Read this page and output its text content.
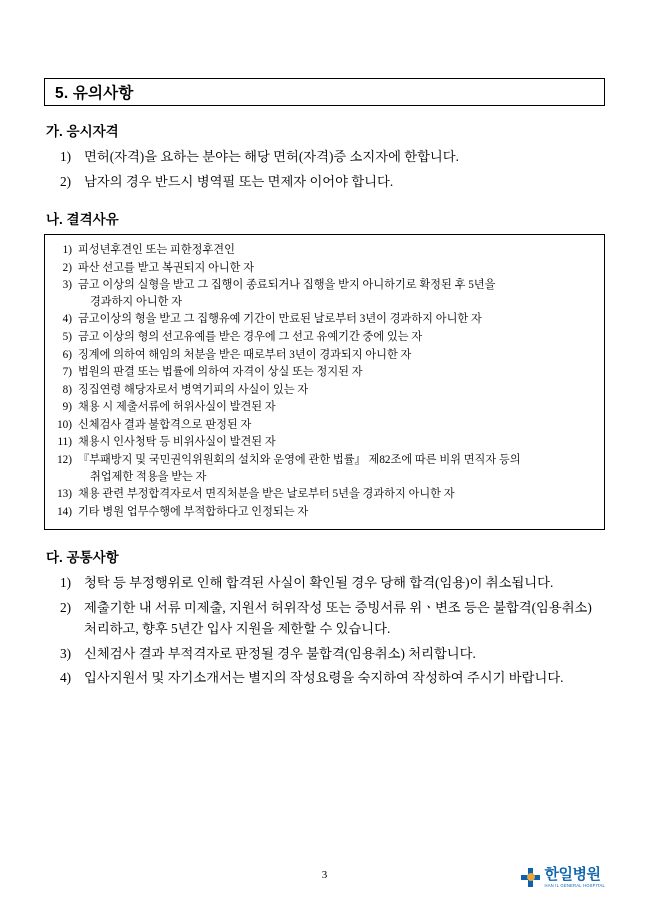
5. 유의사항
가. 응시자격
1) 면허(자격)을 요하는 분야는 해당 면허(자격)증 소지자에 한합니다.
2) 남자의 경우 반드시 병역필 또는 면제자 이어야 합니다.
나. 결격사유
1) 피성년후견인 또는 피한정후견인
2) 파산 선고를 받고 복권되지 아니한 자
3) 금고 이상의 실형을 받고 그 집행이 종료되거나 집행을 받지 아니하기로 확정된 후 5년을
경과하지 아니한 자
4) 금고이상의 형을 받고 그 집행유예 기간이 만료된 날로부터 3년이 경과하지 아니한 자
5) 금고 이상의 형의 선고유예를 받은 경우에 그 선고 유예기간 중에 있는 자
6) 징계에 의하여 해임의 처분을 받은 때로부터 3년이 경과되지 아니한 자
7) 법원의 판결 또는 법률에 의하여 자격이 상실 또는 정지된 자
8) 징집연령 해당자로서 병역기피의 사실이 있는 자
9) 채용 시 제출서류에 허위사실이 발견된 자
10) 신체검사 결과 불합격으로 판정된 자
11) 채용시 인사청탁 등 비위사실이 발견된 자
12) 『부패방지 및 국민권익위원회의 설치와 운영에 관한 법률』 제82조에 따른 비위 면직자 등의
취업제한 적용을 받는 자
13) 채용 관련 부정합격자로서 면직처분을 받은 날로부터 5년을 경과하지 아니한 자
14) 기타 병원 업무수행에 부적합하다고 인정되는 자
다. 공통사항
1) 청탁 등 부정행위로 인해 합격된 사실이 확인될 경우 당해 합격(임용)이 취소됩니다.
2) 제출기한 내 서류 미제출, 지원서 허위작성 또는 증빙서류 위ㆍ변조 등은 불합격(임용취소) 처리하고, 향후 5년간 입사 지원을 제한할 수 있습니다.
3) 신체검사 결과 부적격자로 판정될 경우 불합격(임용취소) 처리합니다.
4) 입사지원서 및 자기소개서는 별지의 작성요령을 숙지하여 작성하여 주시기 바랍니다.
3	한일병원
HAN IL GENERAL HOSPITAL
